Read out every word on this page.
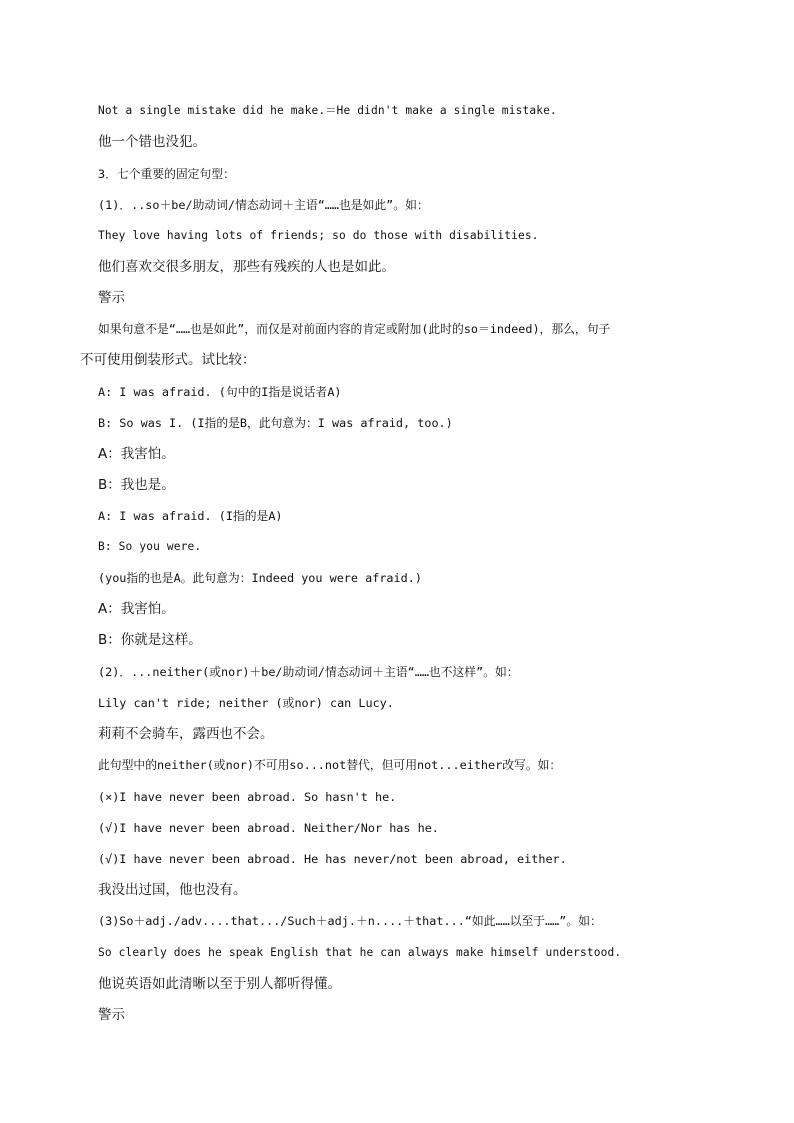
Not a single mistake did he make.＝He didn't make a single mistake.
他一个错也没犯。
3．七个重要的固定句型：
(1)．..so＋be/助动词/情态动词＋主语“……也是如此”。如：
They love having lots of friends; so do those with disabilities.
他们喜欢交很多朋友，那些有残疾的人也是如此。
警示
如果句意不是“……也是如此”，而仅是对前面内容的肯定或附加(此时的so＝indeed)，那么，句子
不可使用倒装形式。试比较：
A: I was afraid. (句中的I指是说话者A)
B: So was I. (I指的是B，此句意为：I was afraid, too.)
A：我害怕。
B：我也是。
A: I was afraid. (I指的是A)
B: So you were.
(you指的也是A。此句意为：Indeed you were afraid.)
A：我害怕。
B：你就是这样。
(2)．...neither(或nor)＋be/助动词/情态动词＋主语“……也不这样”。如：
Lily can't ride; neither (或nor) can Lucy.
莉莉不会骑车，露西也不会。
此句型中的neither(或nor)不可用so...not替代，但可用not...either改写。如：
(×)I have never been abroad. So hasn't he.
(√)I have never been abroad. Neither/Nor has he.
(√)I have never been abroad. He has never/not been abroad, either.
我没出过国，他也没有。
(3)So＋adj./adv....that.../Such＋adj.＋n....＋that...“如此……以至于……”。如：
So clearly does he speak English that he can always make himself understood.
他说英语如此清晰以至于别人都听得懂。
警示
